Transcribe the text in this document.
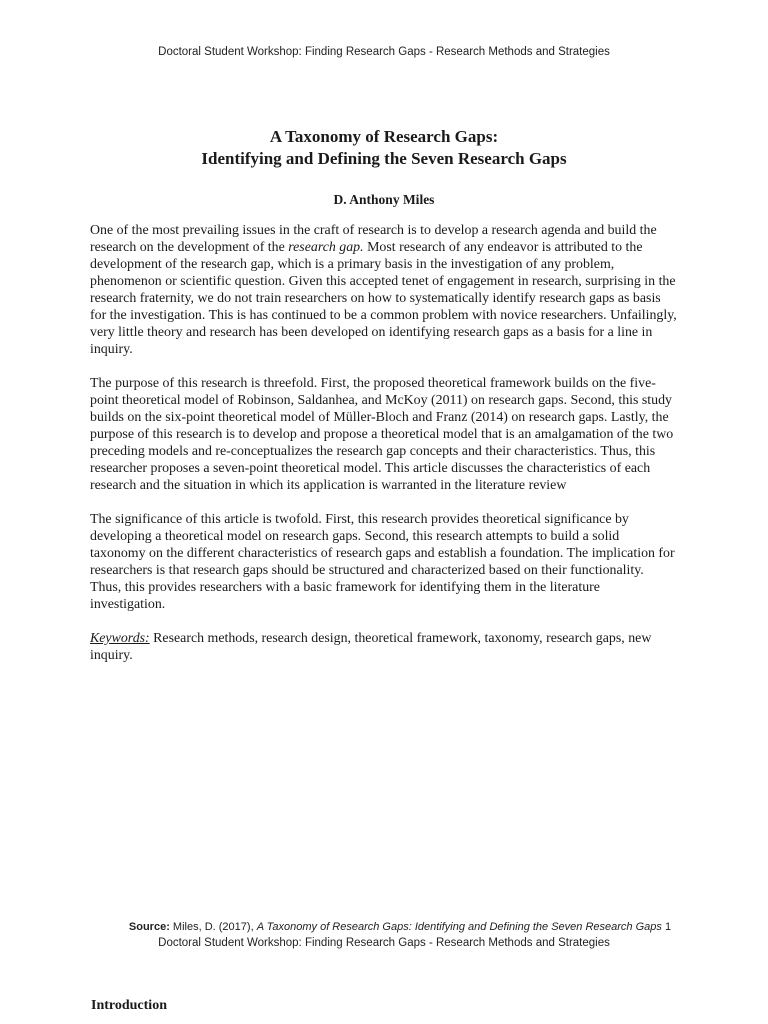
Doctoral Student Workshop: Finding Research Gaps - Research Methods and Strategies
A Taxonomy of Research Gaps:
Identifying and Defining the Seven Research Gaps
D. Anthony Miles

One of the most prevailing issues in the craft of research is to develop a research agenda and build the research on the development of the research gap. Most research of any endeavor is attributed to the development of the research gap, which is a primary basis in the investigation of any problem, phenomenon or scientific question. Given this accepted tenet of engagement in research, surprising in the research fraternity, we do not train researchers on how to systematically identify research gaps as basis for the investigation. This is has continued to be a common problem with novice researchers. Unfailingly, very little theory and research has been developed on identifying research gaps as a basis for a line in inquiry.

The purpose of this research is threefold. First, the proposed theoretical framework builds on the five-point theoretical model of Robinson, Saldanhea, and McKoy (2011) on research gaps. Second, this study builds on the six-point theoretical model of Müller-Bloch and Franz (2014) on research gaps. Lastly, the purpose of this research is to develop and propose a theoretical model that is an amalgamation of the two preceding models and re-conceptualizes the research gap concepts and their characteristics. Thus, this researcher proposes a seven-point theoretical model. This article discusses the characteristics of each research and the situation in which its application is warranted in the literature review

The significance of this article is twofold. First, this research provides theoretical significance by developing a theoretical model on research gaps. Second, this research attempts to build a solid taxonomy on the different characteristics of research gaps and establish a foundation. The implication for researchers is that research gaps should be structured and characterized based on their functionality. Thus, this provides researchers with a basic framework for identifying them in the literature investigation.

Keywords: Research methods, research design, theoretical framework, taxonomy, research gaps, new inquiry.

Source: Miles, D. (2017), A Taxonomy of Research Gaps: Identifying and Defining the Seven Research Gaps 1
Doctoral Student Workshop: Finding Research Gaps - Research Methods and Strategies
Introduction
